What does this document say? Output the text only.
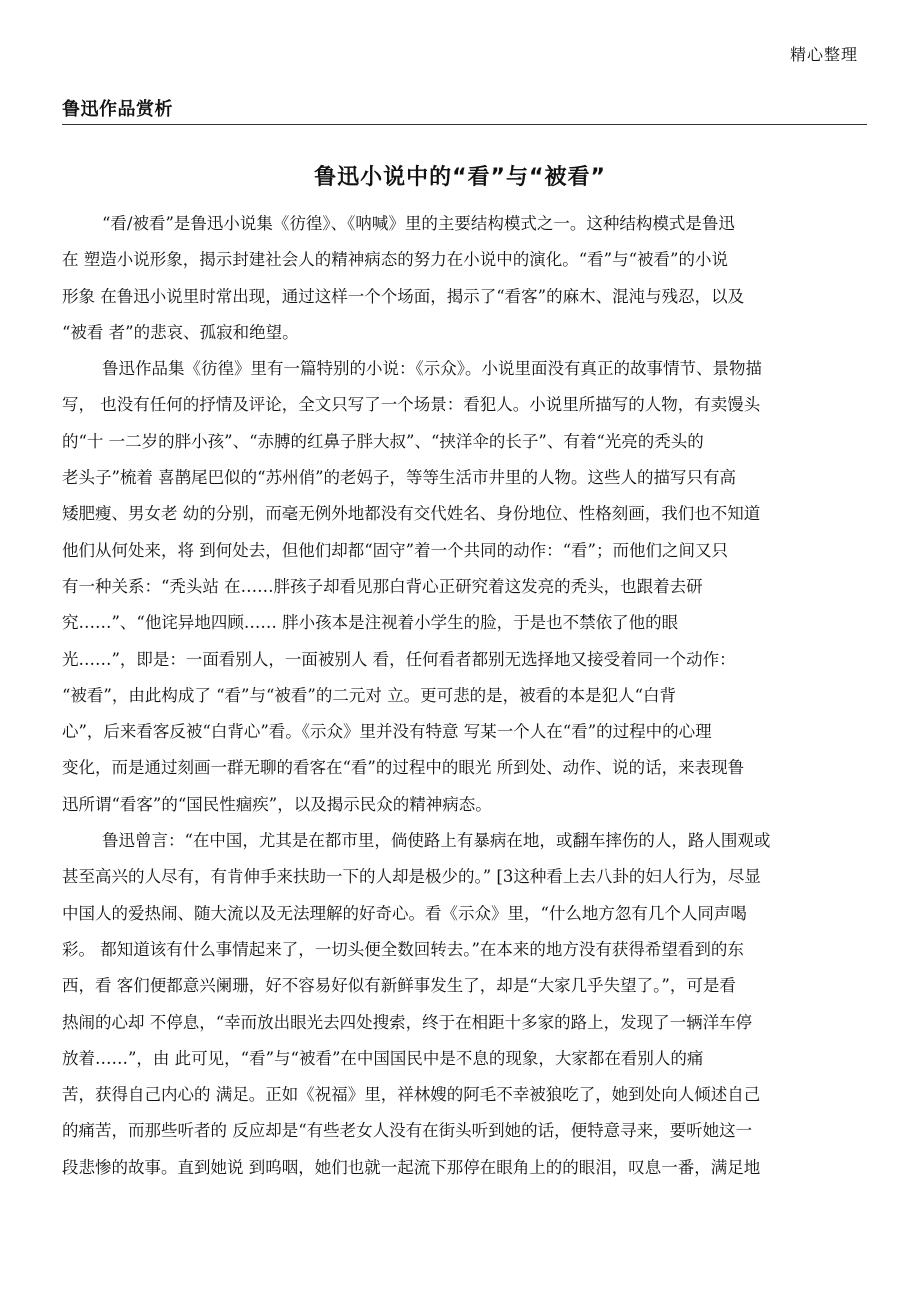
精心整理
鲁迅作品赏析
鲁迅小说中的“看”与“被看”

“看/被看”是鲁迅小说集《彷徨》、《呐喊》里的主要结构模式之一。这种结构模式是鲁迅
在 塑造小说形象，揭示封建社会人的精神病态的努力在小说中的演化。“看”与“被看”的小说
形象 在鲁迅小说里时常出现，通过这样一个个场面，揭示了“看客”的麻木、混沌与残忍，以及
“被看 者”的悲哀、孤寂和绝望。

鲁迅作品集《彷徨》里有一篇特别的小说：《示众》。小说里面没有真正的故事情节、景物描
写， 也没有任何的抒情及评论，全文只写了一个场景：看犯人。小说里所描写的人物，有卖馒头
的“十 一二岁的胖小孩”、“赤膊的红鼻子胖大叔”、“挟洋伞的长子”、有着“光亮的秃头的
老头子”梳着 喜鹊尾巴似的“苏州俏”的老妈子，等等生活市井里的人物。这些人的描写只有高
矮肥瘦、男女老 幼的分别，而毫无例外地都没有交代姓名、身份地位、性格刻画，我们也不知道
他们从何处来，将 到何处去，但他们却都“固守”着一个共同的动作：“看”；而他们之间又只
有一种关系：“秃头站 在……胖孩子却看见那白背心正研究着这发亮的秃头，也跟着去研
究……”、“他诧异地四顾…… 胖小孩本是注视着小学生的脸，于是也不禁依了他的眼
光……”，即是：一面看别人，一面被别人 看，任何看者都别无选择地又接受着同一个动作：
“被看”，由此构成了 “看”与“被看”的二元对 立。更可悲的是，被看的本是犯人“白背
心”，后来看客反被“白背心”看。《示众》里并没有特意 写某一个人在“看”的过程中的心理
变化，而是通过刻画一群无聊的看客在“看”的过程中的眼光 所到处、动作、说的话，来表现鲁
迅所谓“看客”的“国民性痼疾”，以及揭示民众的精神病态。

鲁迅曾言：“在中国，尤其是在都市里，倘使路上有暴病在地，或翻车摔伤的人，路人围观或
甚至高兴的人尽有，有肯伸手来扶助一下的人却是极少的。” [3这种看上去八卦的妇人行为，尽显
中国人的爱热闹、随大流以及无法理解的好奇心。看《示众》里，“什么地方忽有几个人同声喝
彩。 都知道该有什么事情起来了，一切头便全数回转去。”在本来的地方没有获得希望看到的东
西，看 客们便都意兴阑珊，好不容易好似有新鲜事发生了，却是“大家几乎失望了。”，可是看
热闹的心却 不停息，“幸而放出眼光去四处搜索，终于在相距十多家的路上，发现了一辆洋车停
放着……”，由 此可见，“看”与“被看”在中国国民中是不息的现象，大家都在看别人的痛
苦，获得自己内心的 满足。正如《祝福》里，祥林嫂的阿毛不幸被狼吃了，她到处向人倾述自己
的痛苦，而那些听者的 反应却是“有些老女人没有在街头听到她的话，便特意寻来，要听她这一
段悲惨的故事。直到她说 到呜咽，她们也就一起流下那停在眼角上的的眼泪，叹息一番，满足地
